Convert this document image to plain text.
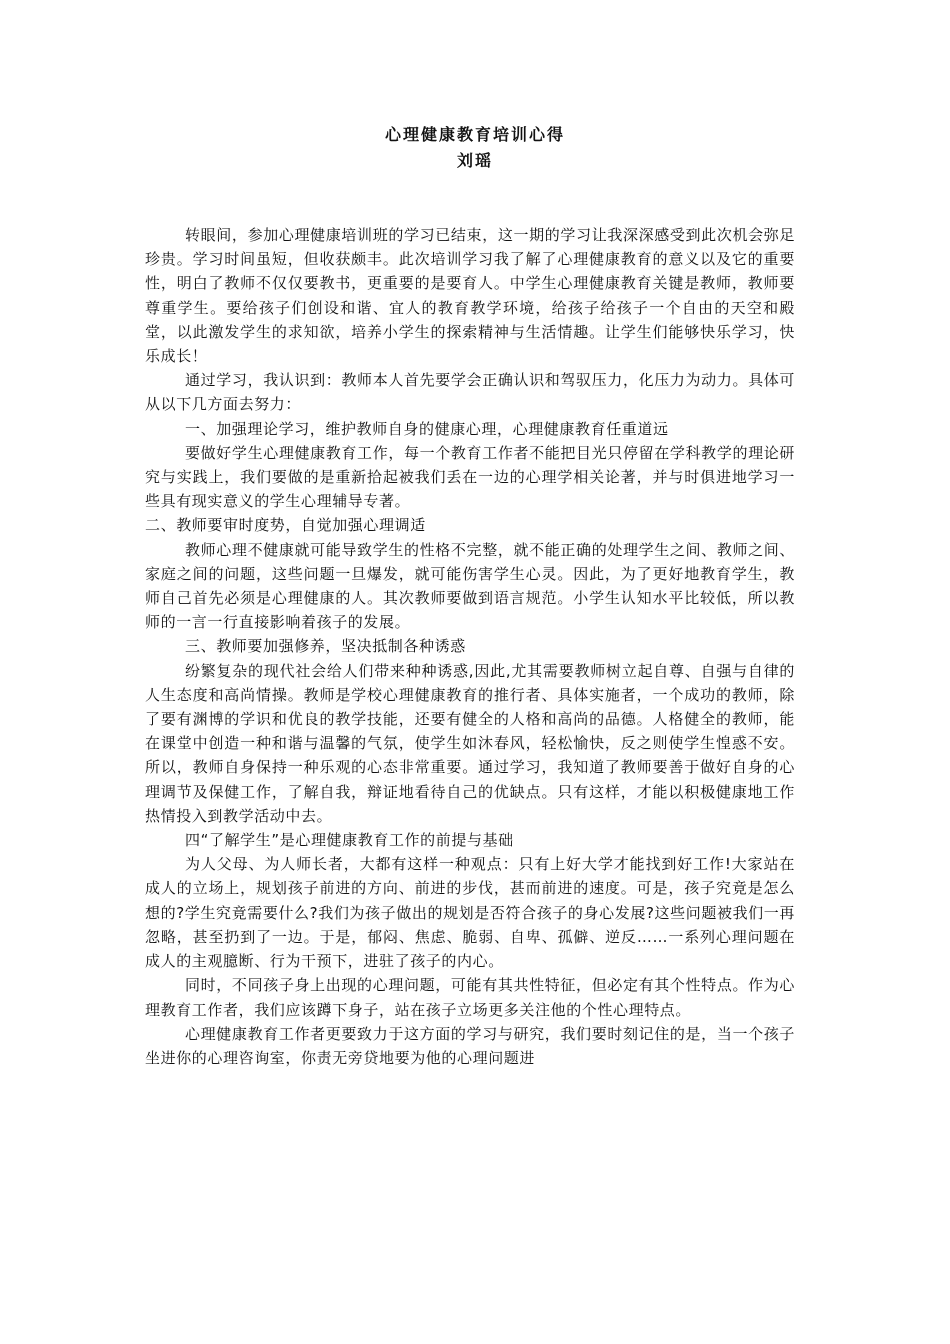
心理健康教育培训心得
刘瑶

转眼间，参加心理健康培训班的学习已结束，这一期的学习让我深深感受到此次机会弥足珍贵。学习时间虽短，但收获颇丰。此次培训学习我了解了心理健康教育的意义以及它的重要性，明白了教师不仅仅要教书，更重要的是要育人。中学生心理健康教育关键是教师，教师要尊重学生。要给孩子们创设和谐、宜人的教育教学环境，给孩子给孩子一个自由的天空和殿堂，以此激发学生的求知欲，培养小学生的探索精神与生活情趣。让学生们能够快乐学习，快乐成长！

通过学习，我认识到：教师本人首先要学会正确认识和驾驭压力，化压力为动力。具体可从以下几方面去努力：

一、加强理论学习，维护教师自身的健康心理，心理健康教育任重道远

要做好学生心理健康教育工作，每一个教育工作者不能把目光只停留在学科教学的理论研究与实践上，我们要做的是重新拾起被我们丢在一边的心理学相关论著，并与时俱进地学习一些具有现实意义的学生心理辅导专著。

二、教师要审时度势，自觉加强心理调适

教师心理不健康就可能导致学生的性格不完整，就不能正确的处理学生之间、教师之间、家庭之间的问题，这些问题一旦爆发，就可能伤害学生心灵。因此，为了更好地教育学生，教师自己首先必须是心理健康的人。其次教师要做到语言规范。小学生认知水平比较低，所以教师的一言一行直接影响着孩子的发展。

三、教师要加强修养，坚决抵制各种诱惑

纷繁复杂的现代社会给人们带来种种诱惑,因此,尤其需要教师树立起自尊、自强与自律的人生态度和高尚情操。教师是学校心理健康教育的推行者、具体实施者，一个成功的教师，除了要有渊博的学识和优良的教学技能，还要有健全的人格和高尚的品德。人格健全的教师，能在课堂中创造一种和谐与温馨的气氛，使学生如沐春风，轻松愉快，反之则使学生惶惑不安。所以，教师自身保持一种乐观的心态非常重要。通过学习，我知道了教师要善于做好自身的心理调节及保健工作，了解自我，辩证地看待自己的优缺点。只有这样，才能以积极健康地工作热情投入到教学活动中去。

四“了解学生”是心理健康教育工作的前提与基础

为人父母、为人师长者，大都有这样一种观点：只有上好大学才能找到好工作!大家站在成人的立场上，规划孩子前进的方向、前进的步伐，甚而前进的速度。可是，孩子究竟是怎么想的?学生究竟需要什么?我们为孩子做出的规划是否符合孩子的身心发展?这些问题被我们一再忽略，甚至扔到了一边。于是，郁闷、焦虑、脆弱、自卑、孤僻、逆反……一系列心理问题在成人的主观臆断、行为干预下，进驻了孩子的内心。

同时，不同孩子身上出现的心理问题，可能有其共性特征，但必定有其个性特点。作为心理教育工作者，我们应该蹲下身子，站在孩子立场更多关注他的个性心理特点。

心理健康教育工作者更要致力于这方面的学习与研究，我们要时刻记住的是，当一个孩子坐进你的心理咨询室，你责无旁贷地要为他的心理问题进
